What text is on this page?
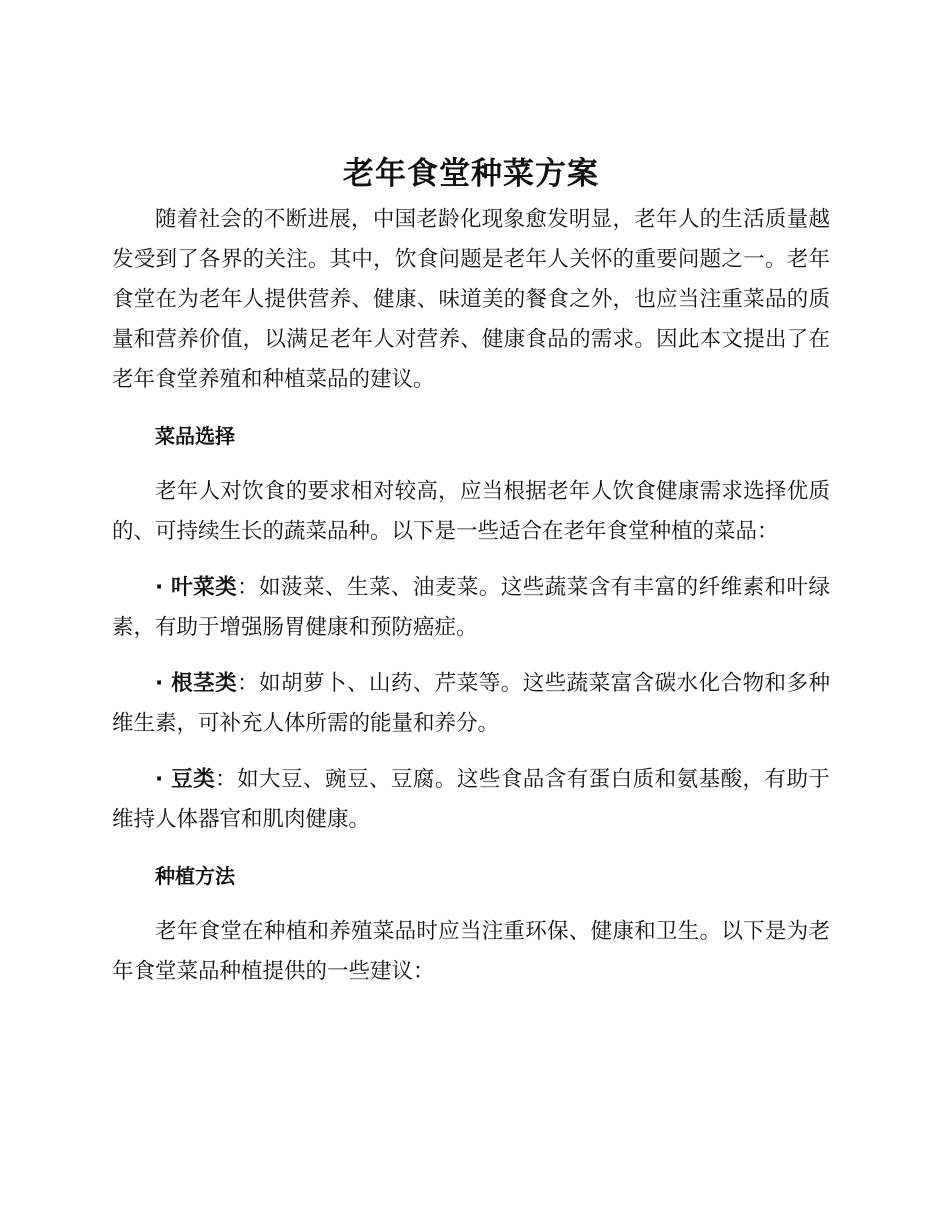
老年食堂种菜方案

随着社会的不断进展，中国老龄化现象愈发明显，老年人的生活质量越发受到了各界的关注。其中，饮食问题是老年人关怀的重要问题之一。老年食堂在为老年人提供营养、健康、味道美的餐食之外，也应当注重菜品的质量和营养价值，以满足老年人对营养、健康食品的需求。因此本文提出了在老年食堂养殖和种植菜品的建议。

菜品选择

老年人对饮食的要求相对较高，应当根据老年人饮食健康需求选择优质的、可持续生长的蔬菜品种。以下是一些适合在老年食堂种植的菜品：

· 叶菜类：如菠菜、生菜、油麦菜。这些蔬菜含有丰富的纤维素和叶绿素，有助于增强肠胃健康和预防癌症。

· 根茎类：如胡萝卜、山药、芹菜等。这些蔬菜富含碳水化合物和多种维生素，可补充人体所需的能量和养分。

· 豆类：如大豆、豌豆、豆腐。这些食品含有蛋白质和氨基酸，有助于维持人体器官和肌肉健康。

种植方法

老年食堂在种植和养殖菜品时应当注重环保、健康和卫生。以下是为老年食堂菜品种植提供的一些建议：
